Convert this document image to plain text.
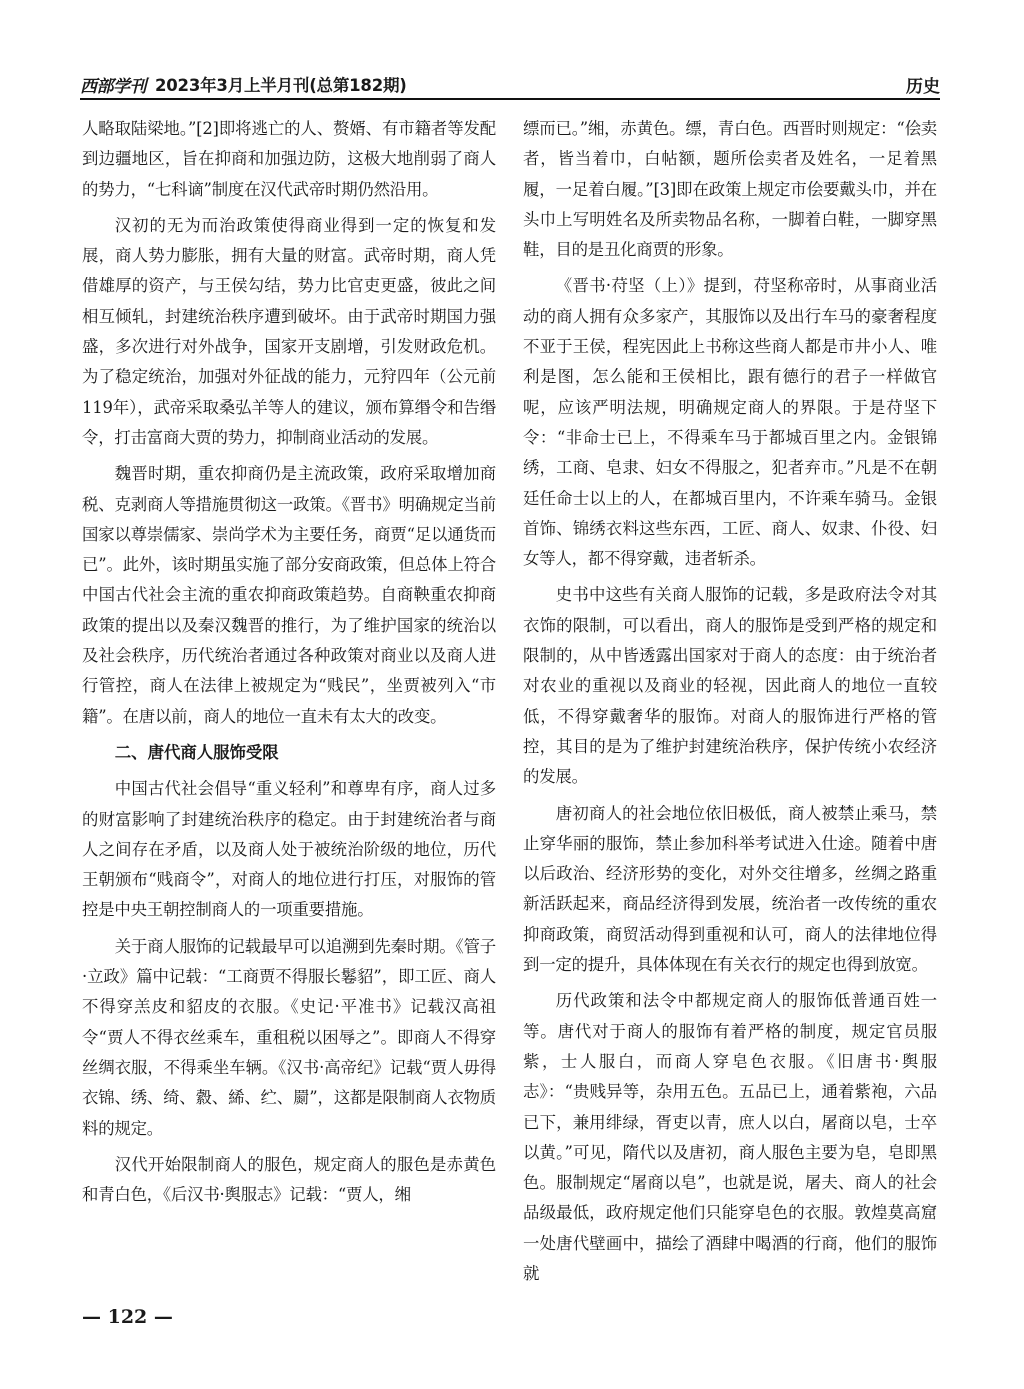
西部学刊 2023年3月上半月刊(总第182期)	历史

人略取陆梁地。”[2]即将逃亡的人、赘婿、有市籍者等发配到边疆地区，旨在抑商和加强边防，这极大地削弱了商人的势力，“七科谪”制度在汉代武帝时期仍然沿用。

汉初的无为而治政策使得商业得到一定的恢复和发展，商人势力膨胀，拥有大量的财富。武帝时期，商人凭借雄厚的资产，与王侯勾结，势力比官吏更盛，彼此之间相互倾轧，封建统治秩序遭到破坏。由于武帝时期国力强盛，多次进行对外战争，国家开支剧增，引发财政危机。为了稳定统治，加强对外征战的能力，元狩四年（公元前119年），武帝采取桑弘羊等人的建议，颁布算缗令和告缗令，打击富商大贾的势力，抑制商业活动的发展。

魏晋时期，重农抑商仍是主流政策，政府采取增加商税、克剥商人等措施贯彻这一政策。《晋书》明确规定当前国家以尊崇儒家、崇尚学术为主要任务，商贾“足以通货而已”。此外，该时期虽实施了部分安商政策，但总体上符合中国古代社会主流的重农抑商政策趋势。自商鞅重农抑商政策的提出以及秦汉魏晋的推行，为了维护国家的统治以及社会秩序，历代统治者通过各种政策对商业以及商人进行管控，商人在法律上被规定为“贱民”，坐贾被列入“市籍”。在唐以前，商人的地位一直未有太大的改变。

二、唐代商人服饰受限

中国古代社会倡导“重义轻利”和尊卑有序，商人过多的财富影响了封建统治秩序的稳定。由于封建统治者与商人之间存在矛盾，以及商人处于被统治阶级的地位，历代王朝颁布“贱商令”，对商人的地位进行打压，对服饰的管控是中央王朝控制商人的一项重要措施。

关于商人服饰的记载最早可以追溯到先秦时期。《管子·立政》篇中记载：“工商贾不得服长鬈貂”，即工匠、商人不得穿羔皮和貂皮的衣服。《史记·平准书》记载汉高祖令“贾人不得衣丝乘车，重租税以困辱之”。即商人不得穿丝绸衣服，不得乘坐车辆。《汉书·高帝纪》记载“贾人毋得衣锦、绣、绮、縠、絺、纻、罽”，这都是限制商人衣物质料的规定。

汉代开始限制商人的服色，规定商人的服色是赤黄色和青白色，《后汉书·舆服志》记载：“贾人，缃

缥而已。”缃，赤黄色。缥，青白色。西晋时则规定：“侩卖者，皆当着巾，白帖额，题所侩卖者及姓名，一足着黑履，一足着白履。”[3]即在政策上规定市侩要戴头巾，并在头巾上写明姓名及所卖物品名称，一脚着白鞋，一脚穿黑鞋，目的是丑化商贾的形象。

《晋书·苻坚（上）》提到，苻坚称帝时，从事商业活动的商人拥有众多家产，其服饰以及出行车马的豪奢程度不亚于王侯，程宪因此上书称这些商人都是市井小人、唯利是图，怎么能和王侯相比，跟有德行的君子一样做官呢，应该严明法规，明确规定商人的界限。于是苻坚下令：“非命士已上，不得乘车马于都城百里之内。金银锦绣，工商、皂隶、妇女不得服之，犯者弃市。”凡是不在朝廷任命士以上的人，在都城百里内，不许乘车骑马。金银首饰、锦绣衣料这些东西，工匠、商人、奴隶、仆役、妇女等人，都不得穿戴，违者斩杀。

史书中这些有关商人服饰的记载，多是政府法令对其衣饰的限制，可以看出，商人的服饰是受到严格的规定和限制的，从中皆透露出国家对于商人的态度：由于统治者对农业的重视以及商业的轻视，因此商人的地位一直较低，不得穿戴奢华的服饰。对商人的服饰进行严格的管控，其目的是为了维护封建统治秩序，保护传统小农经济的发展。

唐初商人的社会地位依旧极低，商人被禁止乘马，禁止穿华丽的服饰，禁止参加科举考试进入仕途。随着中唐以后政治、经济形势的变化，对外交往增多，丝绸之路重新活跃起来，商品经济得到发展，统治者一改传统的重农抑商政策，商贸活动得到重视和认可，商人的法律地位得到一定的提升，具体体现在有关衣行的规定也得到放宽。

历代政策和法令中都规定商人的服饰低普通百姓一等。唐代对于商人的服饰有着严格的制度，规定官员服紫，士人服白，而商人穿皂色衣服。《旧唐书·舆服志》：“贵贱异等，杂用五色。五品已上，通着紫袍，六品已下，兼用绯绿，胥吏以青，庶人以白，屠商以皂，士卒以黄。”可见，隋代以及唐初，商人服色主要为皂，皂即黑色。服制规定“屠商以皂”，也就是说，屠夫、商人的社会品级最低，政府规定他们只能穿皂色的衣服。敦煌莫高窟一处唐代壁画中，描绘了酒肆中喝酒的行商，他们的服饰就

— 122 —
